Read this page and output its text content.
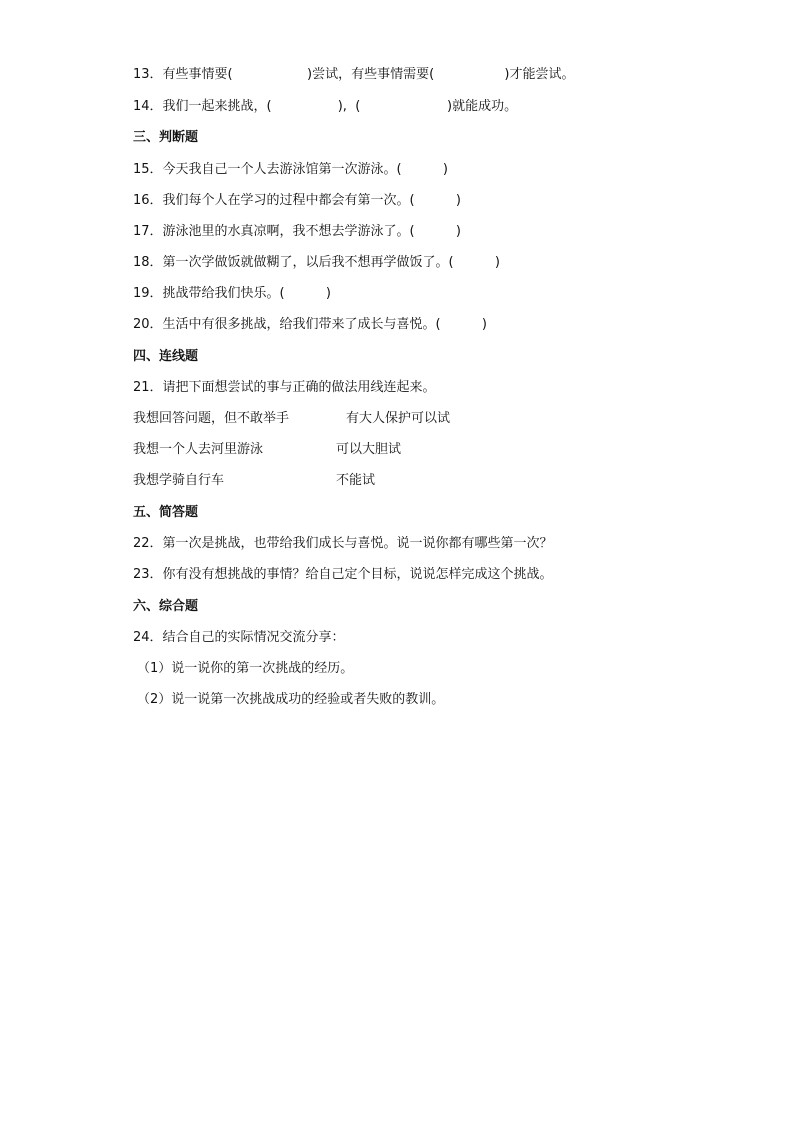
13．有些事情要(                  )尝试，有些事情需要(                 )才能尝试。
14．我们一起来挑战，(                ),  (                     )就能成功。
三、判断题
15．今天我自己一个人去游泳馆第一次游泳。(          )
16．我们每个人在学习的过程中都会有第一次。(          )
17．游泳池里的水真凉啊，我不想去学游泳了。(          )
18．第一次学做饭就做糊了，以后我不想再学做饭了。(          )
19．挑战带给我们快乐。(          )
20．生活中有很多挑战，给我们带来了成长与喜悦。(          )
四、连线题
21．请把下面想尝试的事与正确的做法用线连起来。
我想回答问题，但不敢举手	有大人保护可以试
我想一个人去河里游泳	可以大胆试
我想学骑自行车	不能试
五、简答题
22．第一次是挑战，也带给我们成长与喜悦。说一说你都有哪些第一次？
23．你有没有想挑战的事情？给自己定个目标，说说怎样完成这个挑战。
六、综合题
24．结合自己的实际情况交流分享：
（1）说一说你的第一次挑战的经历。
（2）说一说第一次挑战成功的经验或者失败的教训。
